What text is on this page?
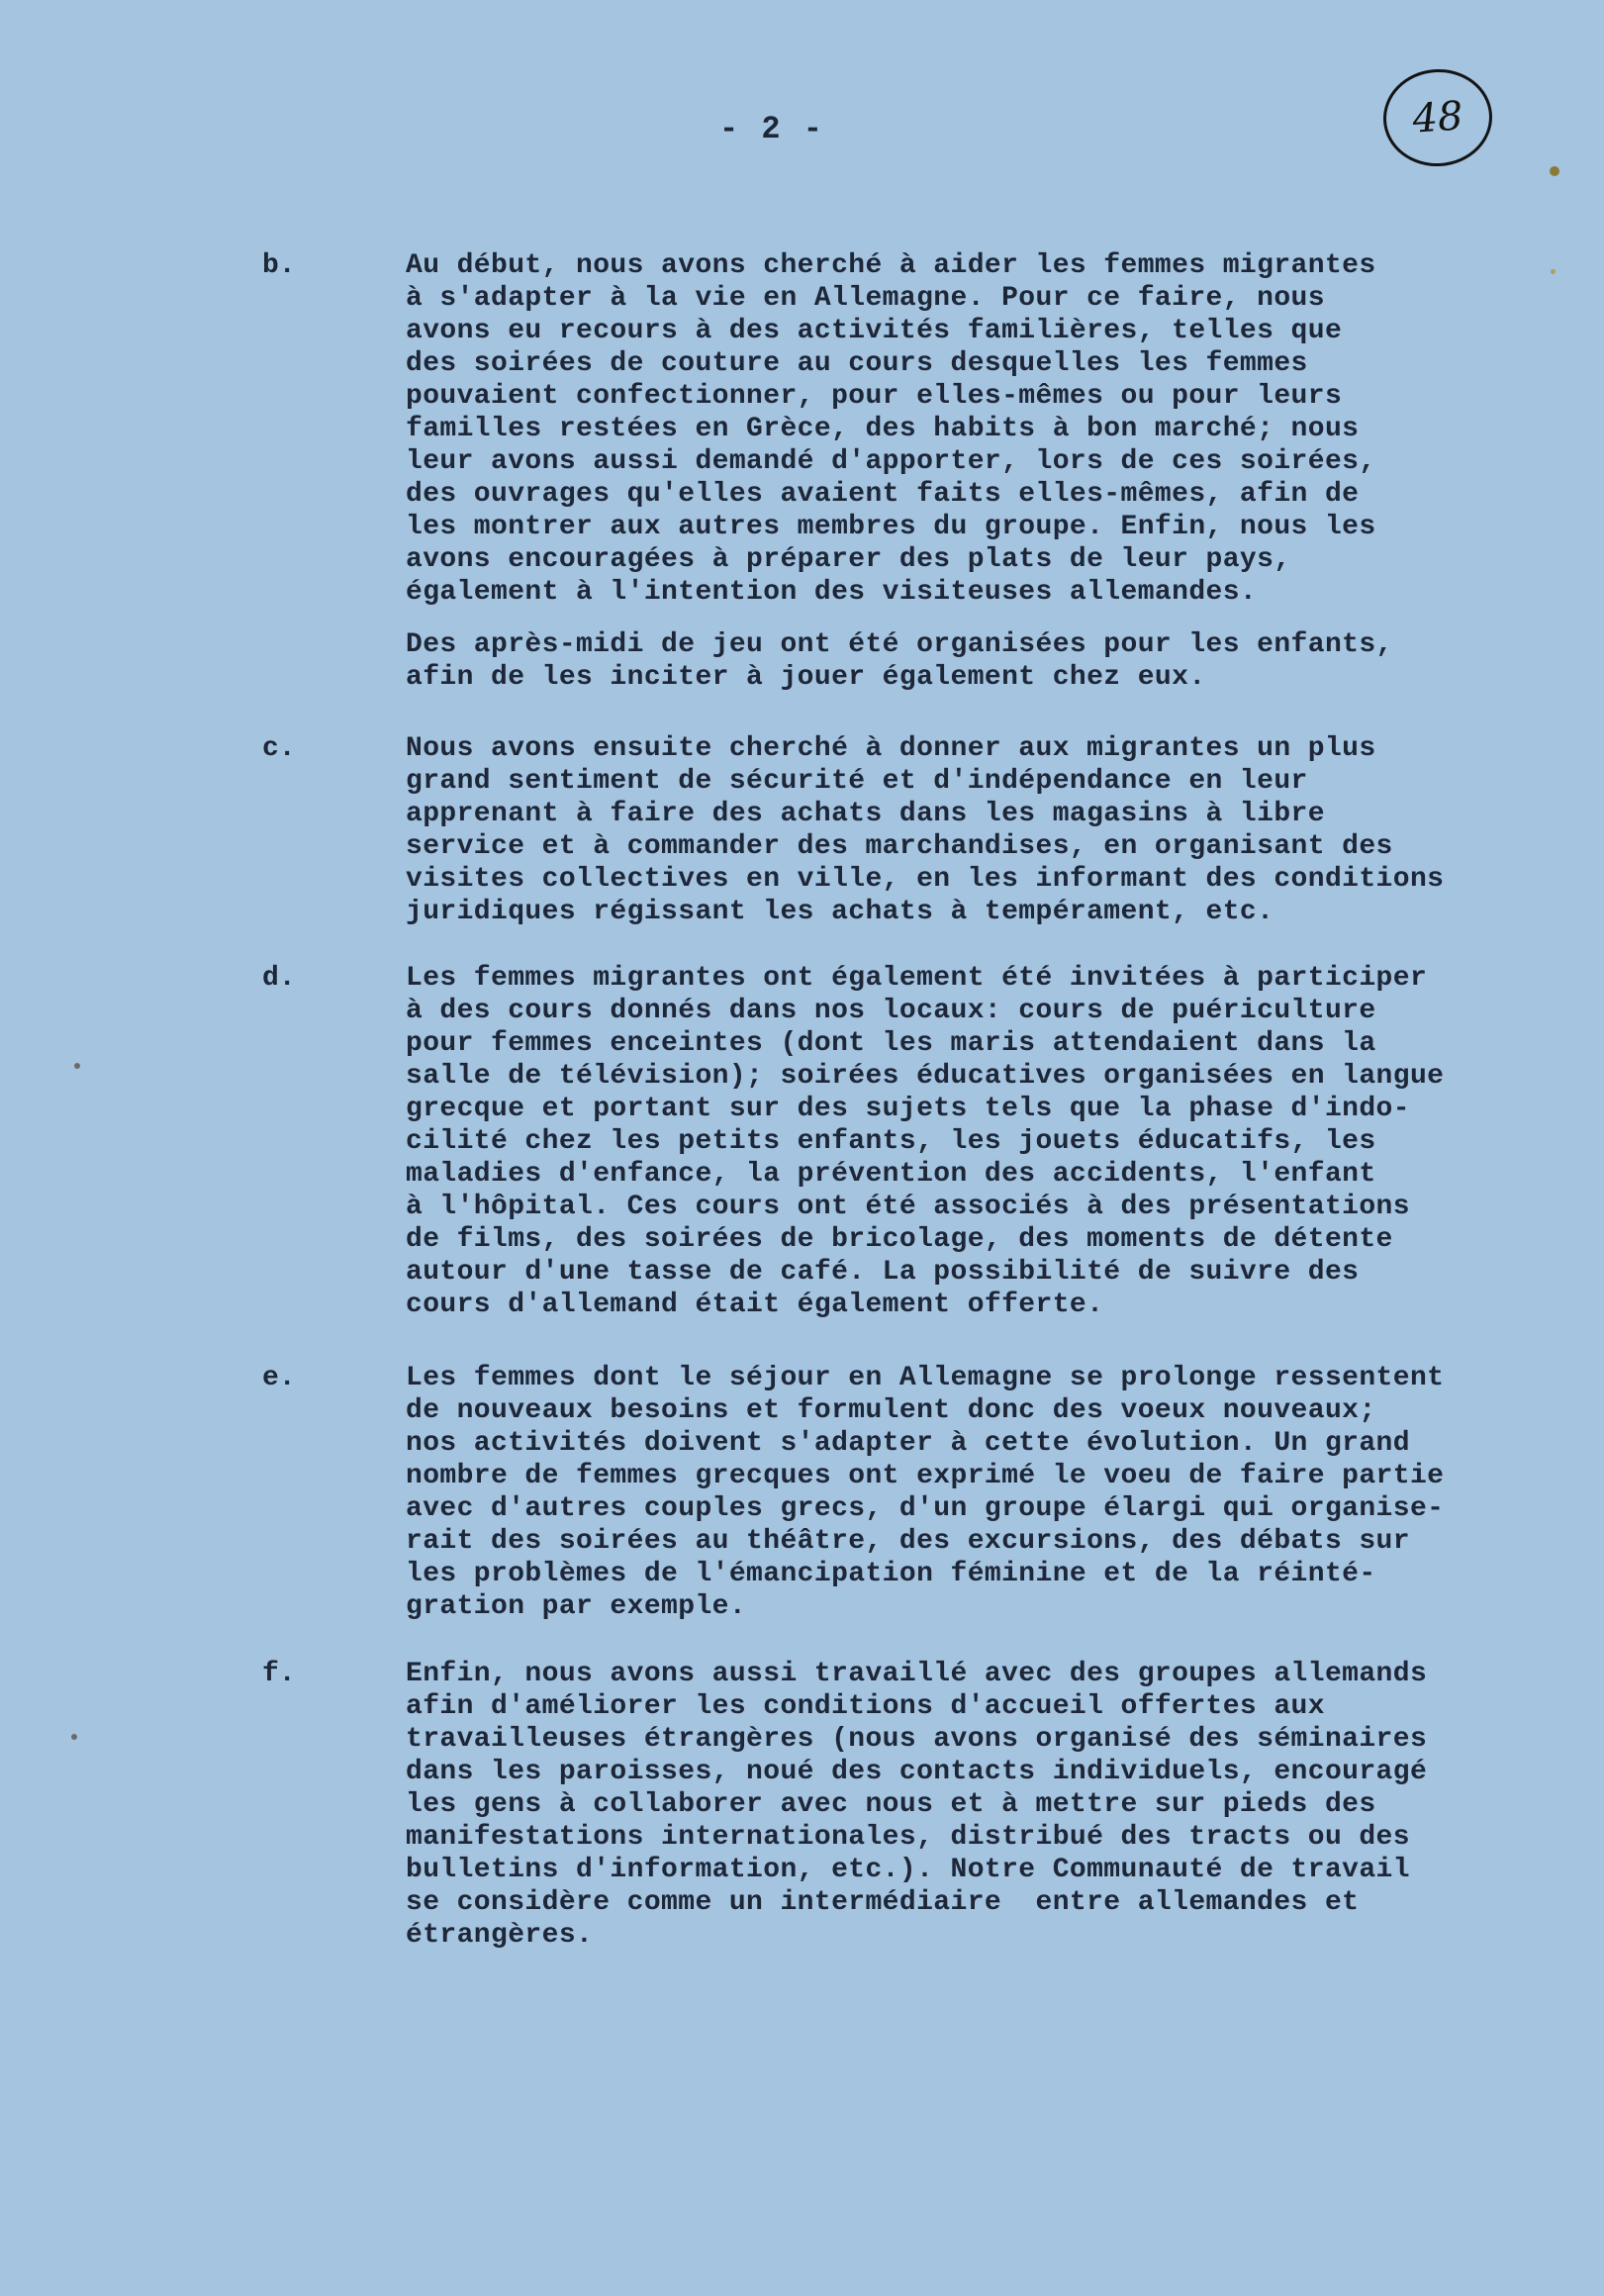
- 2 -	48
b.	Au début, nous avons cherché à aider les femmes migrantes
à s'adapter à la vie en Allemagne. Pour ce faire, nous
avons eu recours à des activités familières, telles que
des soirées de couture au cours desquelles les femmes
pouvaient confectionner, pour elles-mêmes ou pour leurs
familles restées en Grèce, des habits à bon marché; nous
leur avons aussi demandé d'apporter, lors de ces soirées,
des ouvrages qu'elles avaient faits elles-mêmes, afin de
les montrer aux autres membres du groupe. Enfin, nous les
avons encouragées à préparer des plats de leur pays,
également à l'intention des visiteuses allemandes.

Des après-midi de jeu ont été organisées pour les enfants,
afin de les inciter à jouer également chez eux.

c.	Nous avons ensuite cherché à donner aux migrantes un plus
grand sentiment de sécurité et d'indépendance en leur
apprenant à faire des achats dans les magasins à libre
service et à commander des marchandises, en organisant des
visites collectives en ville, en les informant des conditions
juridiques régissant les achats à tempérament, etc.

d.	Les femmes migrantes ont également été invitées à participer
à des cours donnés dans nos locaux: cours de puériculture
pour femmes enceintes (dont les maris attendaient dans la
salle de télévision); soirées éducatives organisées en langue
grecque et portant sur des sujets tels que la phase d'indo-
cilité chez les petits enfants, les jouets éducatifs, les
maladies d'enfance, la prévention des accidents, l'enfant
à l'hôpital. Ces cours ont été associés à des présentations
de films, des soirées de bricolage, des moments de détente
autour d'une tasse de café. La possibilité de suivre des
cours d'allemand était également offerte.

e.	Les femmes dont le séjour en Allemagne se prolonge ressentent
de nouveaux besoins et formulent donc des voeux nouveaux;
nos activités doivent s'adapter à cette évolution. Un grand
nombre de femmes grecques ont exprimé le voeu de faire partie
avec d'autres couples grecs, d'un groupe élargi qui organise-
rait des soirées au théâtre, des excursions, des débats sur
les problèmes de l'émancipation féminine et de la réinté-
gration par exemple.

f.	Enfin, nous avons aussi travaillé avec des groupes allemands
afin d'améliorer les conditions d'accueil offertes aux
travailleuses étrangères (nous avons organisé des séminaires
dans les paroisses, noué des contacts individuels, encouragé
les gens à collaborer avec nous et à mettre sur pieds des
manifestations internationales, distribué des tracts ou des
bulletins d'information, etc.). Notre Communauté de travail
se considère comme un intermédiaire  entre allemandes et
étrangères.
